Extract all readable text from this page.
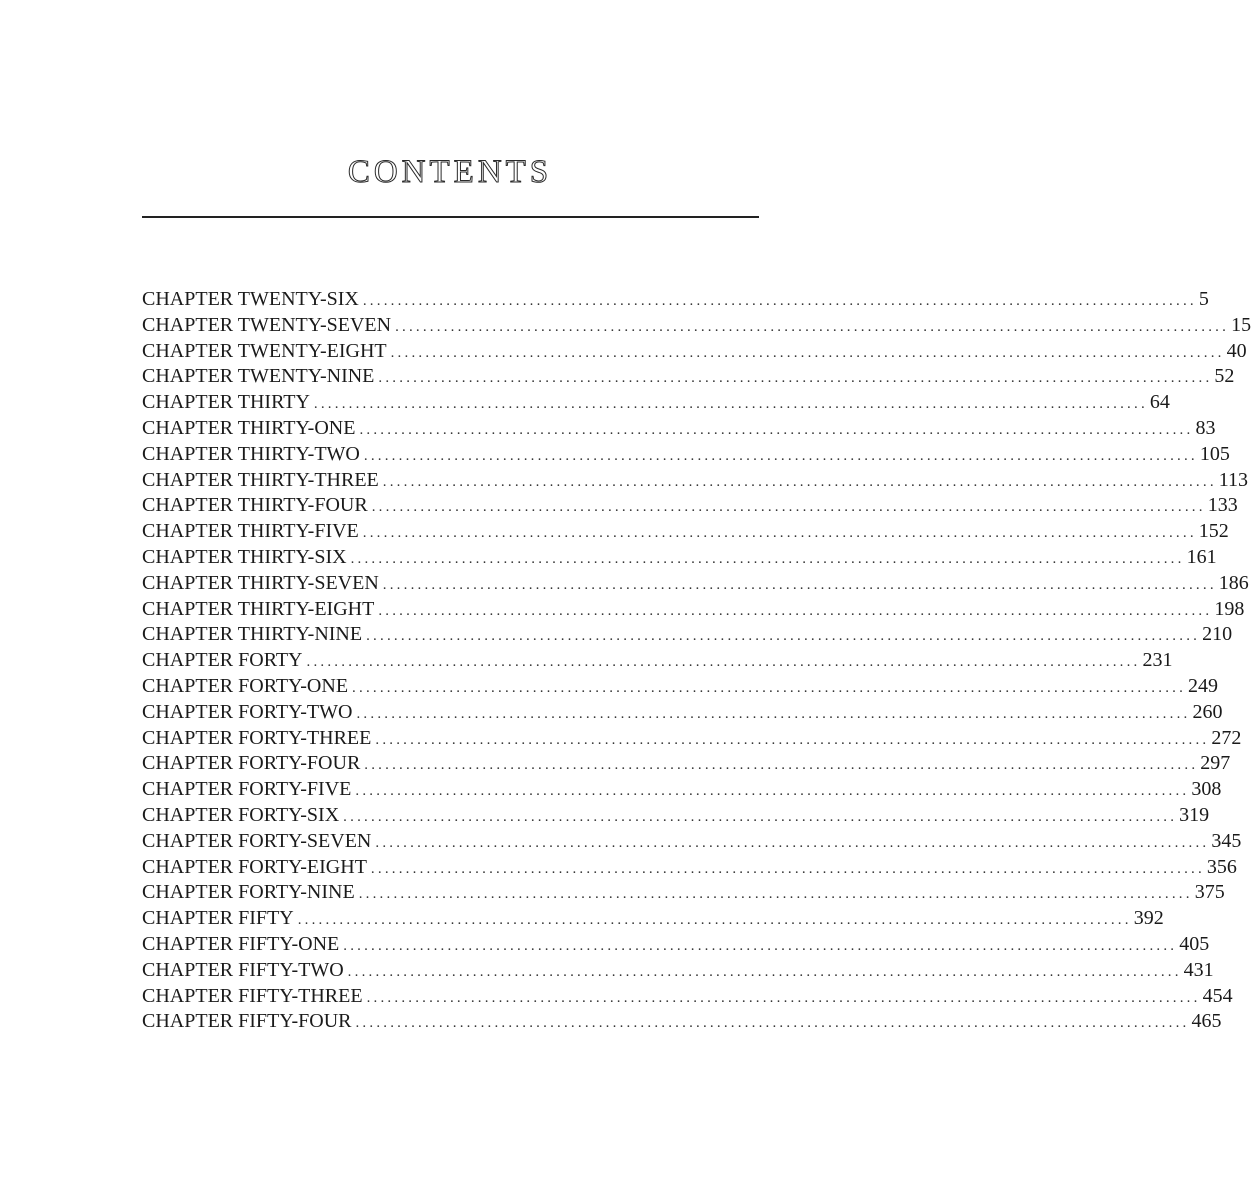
CONTENTS
CHAPTER TWENTY-SIX ........................................................................................................................ 5
CHAPTER TWENTY-SEVEN ........................................................................................................................ 15
CHAPTER TWENTY-EIGHT ........................................................................................................................ 40
CHAPTER TWENTY-NINE ........................................................................................................................ 52
CHAPTER THIRTY ........................................................................................................................ 64
CHAPTER THIRTY-ONE ........................................................................................................................ 83
CHAPTER THIRTY-TWO ........................................................................................................................ 105
CHAPTER THIRTY-THREE ........................................................................................................................ 113
CHAPTER THIRTY-FOUR ........................................................................................................................ 133
CHAPTER THIRTY-FIVE ........................................................................................................................ 152
CHAPTER THIRTY-SIX ........................................................................................................................ 161
CHAPTER THIRTY-SEVEN ........................................................................................................................ 186
CHAPTER THIRTY-EIGHT ........................................................................................................................ 198
CHAPTER THIRTY-NINE ........................................................................................................................ 210
CHAPTER FORTY ........................................................................................................................ 231
CHAPTER FORTY-ONE ........................................................................................................................ 249
CHAPTER FORTY-TWO ........................................................................................................................ 260
CHAPTER FORTY-THREE ........................................................................................................................ 272
CHAPTER FORTY-FOUR ........................................................................................................................ 297
CHAPTER FORTY-FIVE ........................................................................................................................ 308
CHAPTER FORTY-SIX ........................................................................................................................ 319
CHAPTER FORTY-SEVEN ........................................................................................................................ 345
CHAPTER FORTY-EIGHT ........................................................................................................................ 356
CHAPTER FORTY-NINE ........................................................................................................................ 375
CHAPTER FIFTY ........................................................................................................................ 392
CHAPTER FIFTY-ONE ........................................................................................................................ 405
CHAPTER FIFTY-TWO ........................................................................................................................ 431
CHAPTER FIFTY-THREE ........................................................................................................................ 454
CHAPTER FIFTY-FOUR ........................................................................................................................ 465
